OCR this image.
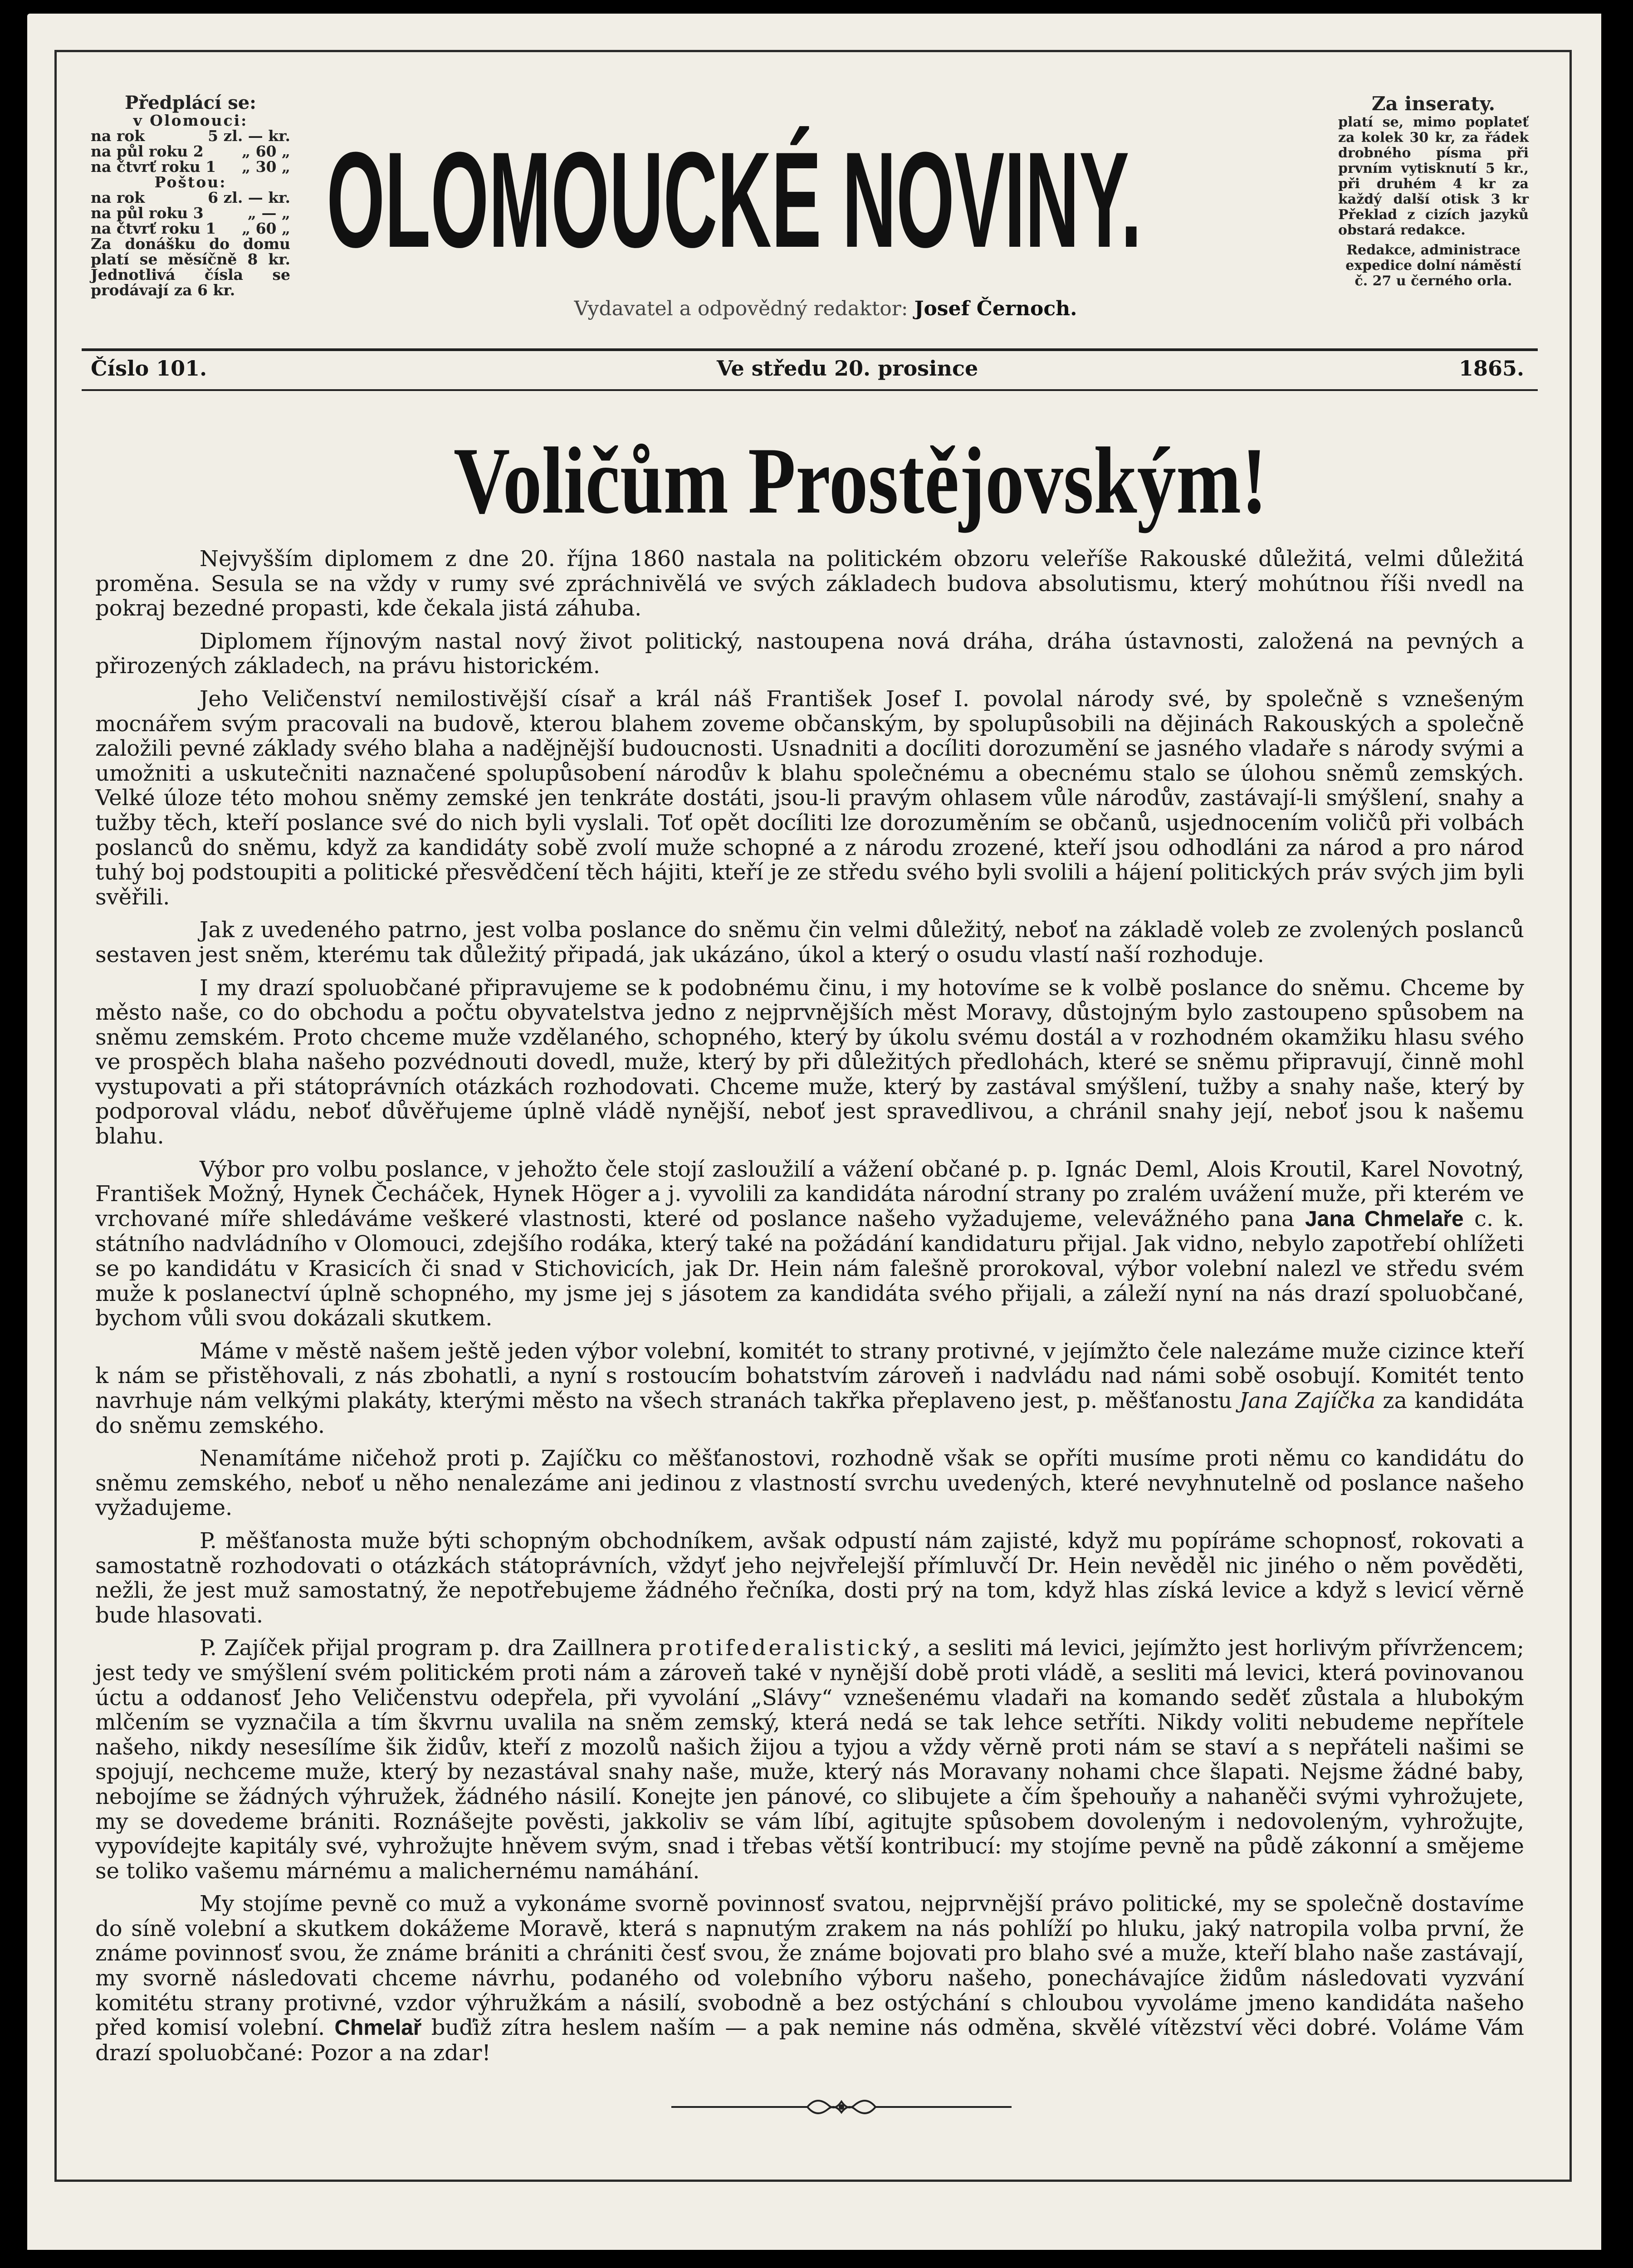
Předplácí se:
v Olomouci:
na rok	5 zl. — kr.
na půl roku 2	„ 60 „
na čtvrť roku 1 „ 30 „
Poštou:
na rok	6 zl. — kr.
na půl roku 3	„ — „
na čtvrť roku 1 „ 60 „
Za donášku do domu platí se měsíčně 8 kr. Jednotlivá čísla se prodávají za 6 kr.
OLOMOUCKÉ NOVINY.
Vydavatel a odpovědný redaktor: Josef Černoch.
Za inseraty.

platí se, mimo poplateť za kolek 30 kr, za řádek drobného písma při prvním vytisknutí 5 kr., při druhém 4 kr za každý další otisk 3 kr Překlad z cizích jazyků obstará redakce.

Redakce, administrace expedice dolní náměstí č. 27 u černého orla.

Číslo 101.	Ve středu 20. prosince	1865.
Voličům Prostějovským!

Nejvyšším diplomem z dne 20. října 1860 nastala na politickém obzoru veleříše Rakouské důležitá, velmi důležitá proměna. Sesula se na vždy v rumy své zpráchnivělá ve svých základech budova absolutismu, který mohútnou říši nvedl na pokraj bezedné propasti, kde čekala jistá záhuba.

Diplomem říjnovým nastal nový život politický, nastoupena nová dráha, dráha ústavnosti, založená na pevných a přirozených základech, na právu historickém.

Jeho Veličenství nemilostivější císař a král náš František Josef I. povolal národy své, by společně s vznešeným mocnářem svým pracovali na budově, kterou blahem zoveme občanským, by spolupůsobili na dějinách Rakouských a společně založili pevné základy svého blaha a nadějnější budoucnosti. Usnadniti a docíliti dorozumění se jasného vladaře s národy svými a umožniti a uskutečniti naznačené spolupůsobení národův k blahu společnému a obecnému stalo se úlohou sněmů zemských. Velké úloze této mohou sněmy zemské jen tenkráte dostáti, jsou-li pravým ohlasem vůle národův, zastávají-li smýšlení, snahy a tužby těch, kteří poslance své do nich byli vyslali. Toť opět docíliti lze dorozuměním se občanů, usjednocením voličů při volbách poslanců do sněmu, když za kandidáty sobě zvolí muže schopné a z národu zrozené, kteří jsou odhodláni za národ a pro národ tuhý boj podstoupiti a politické přesvědčení těch hájiti, kteří je ze středu svého byli svolili a hájení politických práv svých jim byli svěřili.

Jak z uvedeného patrno, jest volba poslance do sněmu čin velmi důležitý, neboť na základě voleb ze zvolených poslanců sestaven jest sněm, kterému tak důležitý připadá, jak ukázáno, úkol a který o osudu vlastí naší rozhoduje.

I my drazí spoluobčané připravujeme se k podobnému činu, i my hotovíme se k volbě poslance do sněmu. Chceme by město naše, co do obchodu a počtu obyvatelstva jedno z nejprvnějších měst Moravy, důstojným bylo zastoupeno spůsobem na sněmu zemském. Proto chceme muže vzdělaného, schopného, který by úkolu svému dostál a v rozhodném okamžiku hlasu svého ve prospěch blaha našeho pozvédnouti dovedl, muže, který by při důležitých předlohách, které se sněmu připravují, činně mohl vystupovati a při státoprávních otázkách rozhodovati. Chceme muže, který by zastával smýšlení, tužby a snahy naše, který by podporoval vládu, neboť důvěřujeme úplně vládě nynější, neboť jest spravedlivou, a chránil snahy její, neboť jsou k našemu blahu.

Výbor pro volbu poslance, v jehožto čele stojí zasloužilí a vážení občané p. p. Ignác Deml, Alois Kroutil, Karel Novotný, František Možný, Hynek Čecháček, Hynek Höger a j. vyvolili za kandidáta národní strany po zralém uvážení muže, při kterém ve vrchované míře shledáváme veškeré vlastnosti, které od poslance našeho vyžadujeme, velevážného pana Jana Chmelaře c. k. státního nadvládního v Olomouci, zdejšího rodáka, který také na požádání kandidaturu přijal. Jak vidno, nebylo zapotřebí ohlížeti se po kandidátu v Krasicích či snad v Stichovicích, jak Dr. Hein nám falešně prorokoval, výbor volební nalezl ve středu svém muže k poslanectví úplně schopného, my jsme jej s jásotem za kandidáta svého přijali, a záleží nyní na nás drazí spoluobčané, bychom vůli svou dokázali skutkem.

Máme v městě našem ještě jeden výbor volební, komitét to strany protivné, v jejímžto čele nalezáme muže cizince kteří k nám se přistěhovali, z nás zbohatli, a nyní s rostoucím bohatstvím zároveň i nadvládu nad námi sobě osobují. Komitét tento navrhuje nám velkými plakáty, kterými město na všech stranách takřka přeplaveno jest, p. měšťanostu Jana Zajíčka za kandidáta do sněmu zemského.

Nenamítáme ničehož proti p. Zajíčku co měšťanostovi, rozhodně však se opříti musíme proti němu co kandidátu do sněmu zemského, neboť u něho nenalezáme ani jedinou z vlastností svrchu uvedených, které nevyhnutelně od poslance našeho vyžadujeme.

P. měšťanosta muže býti schopným obchodníkem, avšak odpustí nám zajisté, když mu popíráme schopnosť, rokovati a samostatně rozhodovati o otázkách státoprávních, vždyť jeho nejvřelejší přímluvčí Dr. Hein nevěděl nic jiného o něm pověděti, nežli, že jest muž samostatný, že nepotřebujeme žádného řečníka, dosti prý na tom, když hlas získá levice a když s levicí věrně bude hlasovati.

P. Zajíček přijal program p. dra Zaillnera protifederalistický, a sesliti má levici, jejímžto jest horlivým přívržencem; jest tedy ve smýšlení svém politickém proti nám a zároveň také v nynější době proti vládě, a sesliti má levici, která povinovanou úctu a oddanosť Jeho Veličenstvu odepřela, při vyvolání „Slávy“ vznešenému vladaři na komando seděť zůstala a hlubokým mlčením se vyznačila a tím škvrnu uvalila na sněm zemský, která nedá se tak lehce setříti. Nikdy voliti nebudeme nepřítele našeho, nikdy nesesílíme šik židův, kteří z mozolů našich žijou a tyjou a vždy věrně proti nám se staví a s nepřáteli našimi se spojují, nechceme muže, který by nezastával snahy naše, muže, který nás Moravany nohami chce šlapati. Nejsme žádné baby, nebojíme se žádných výhružek, žádného násilí. Konejte jen pánové, co slibujete a čím špehouňy a nahaněči svými vyhrožujete, my se dovedeme brániti. Roznášejte pověsti, jakkoliv se vám líbí, agitujte spůsobem dovoleným i nedovoleným, vyhrožujte, vypovídejte kapitály své, vyhrožujte hněvem svým, snad i třebas větší kontribucí: my stojíme pevně na půdě zákonní a smějeme se toliko vašemu márnému a malichernému namáhání.

My stojíme pevně co muž a vykonáme svorně povinnosť svatou, nejprvnější právo politické, my se společně dostavíme do síně volební a skutkem dokážeme Moravě, která s napnutým zrakem na nás pohlíží po hluku, jaký natropila volba první, že známe povinnosť svou, že známe brániti a chrániti česť svou, že známe bojovati pro blaho své a muže, kteří blaho naše zastávají, my svorně následovati chceme návrhu, podaného od volebního výboru našeho, ponechávajíce židům následovati vyzvání komitétu strany protivné, vzdor výhružkám a násilí, svobodně a bez ostýchání s chloubou vyvoláme jmeno kandidáta našeho před komisí volební. Chmelař buďiž zítra heslem naším — a pak nemine nás odměna, skvělé vítězství věci dobré. Voláme Vám drazí spoluobčané: Pozor a na zdar!
